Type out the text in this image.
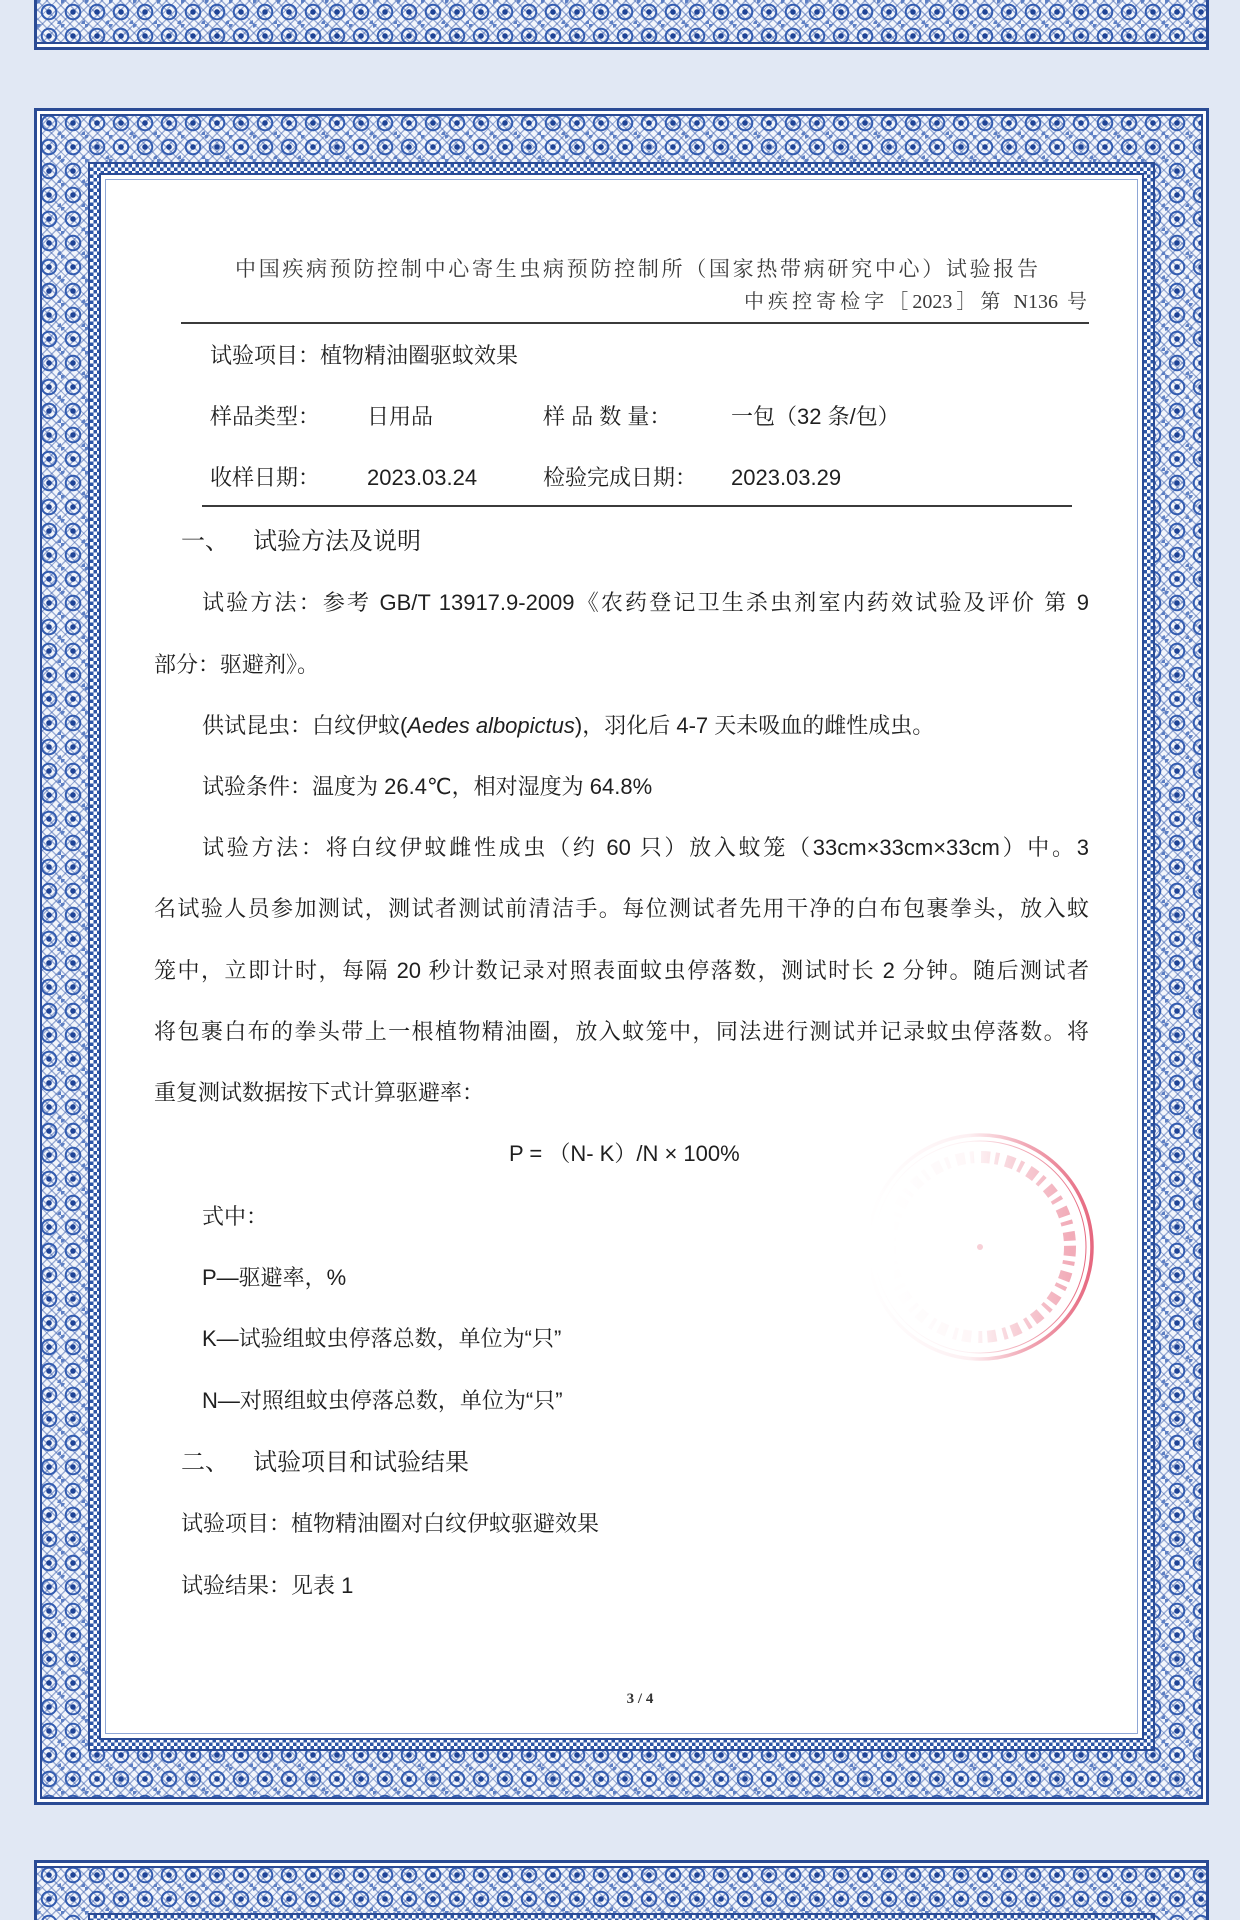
中国疾病预防控制中心寄生虫病预防控制所（国家热带病研究中心）试验报告
中疾控寄检字［2023］第 N136 号
试验项目：植物精油圈驱蚊效果
样品类型： 日用品	样 品 数 量：	一包（32 条/包）
收样日期： 2023.03.24	检验完成日期： 2023.03.29
一、 试验方法及说明
试验方法：参考 GB/T 13917.9-2009《农药登记卫生杀虫剂室内药效试验及评价 第 9
部分：驱避剂》。
供试昆虫：白纹伊蚊(Aedes albopictus)，羽化后 4-7 天未吸血的雌性成虫。
试验条件：温度为 26.4℃，相对湿度为 64.8%
试验方法：将白纹伊蚊雌性成虫（约 60 只）放入蚊笼（33cm×33cm×33cm）中。3
名试验人员参加测试，测试者测试前清洁手。每位测试者先用干净的白布包裹拳头，放入蚊
笼中，立即计时，每隔 20 秒计数记录对照表面蚊虫停落数，测试时长 2 分钟。随后测试者
将包裹白布的拳头带上一根植物精油圈，放入蚊笼中，同法进行测试并记录蚊虫停落数。将
重复测试数据按下式计算驱避率：
P = （N- K）/N × 100%
式中：
P—驱避率，%
K—试验组蚊虫停落总数，单位为“只”
N—对照组蚊虫停落总数，单位为“只”
二、 试验项目和试验结果
试验项目：植物精油圈对白纹伊蚊驱避效果
试验结果：见表 1
3 / 4
